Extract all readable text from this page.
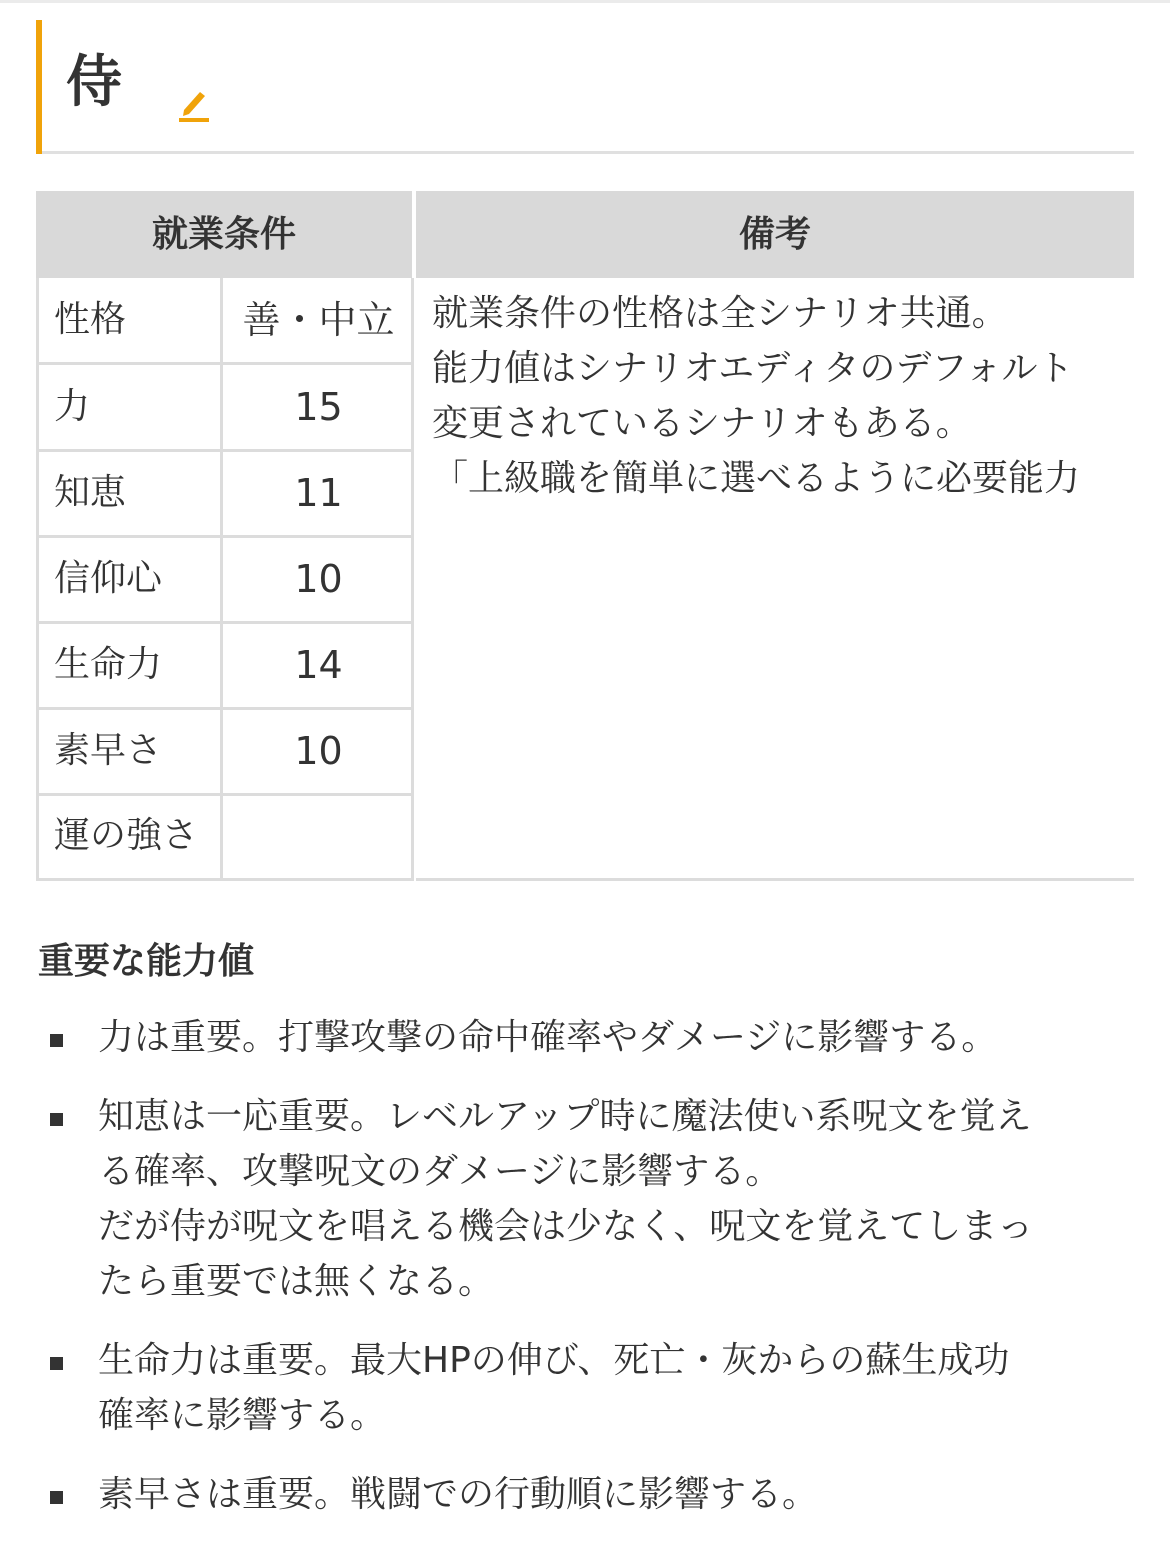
侍
就業条件	備考
性格	善・中立
力	15
知恵	11
信仰心	10
生命力	14
素早さ	10
運の強さ
就業条件の性格は全シナリオ共通。
能力値はシナリオエディタのデフォルト
変更されているシナリオもある。
「上級職を簡単に選べるように必要能力
重要な能力値
力は重要。打撃攻撃の命中確率やダメージに影響する。
知恵は一応重要。レベルアップ時に魔法使い系呪文を覚え
る確率、攻撃呪文のダメージに影響する。
だが侍が呪文を唱える機会は少なく、呪文を覚えてしまっ
たら重要では無くなる。
生命力は重要。最大HPの伸び、死亡・灰からの蘇生成功
確率に影響する。
素早さは重要。戦闘での行動順に影響する。
